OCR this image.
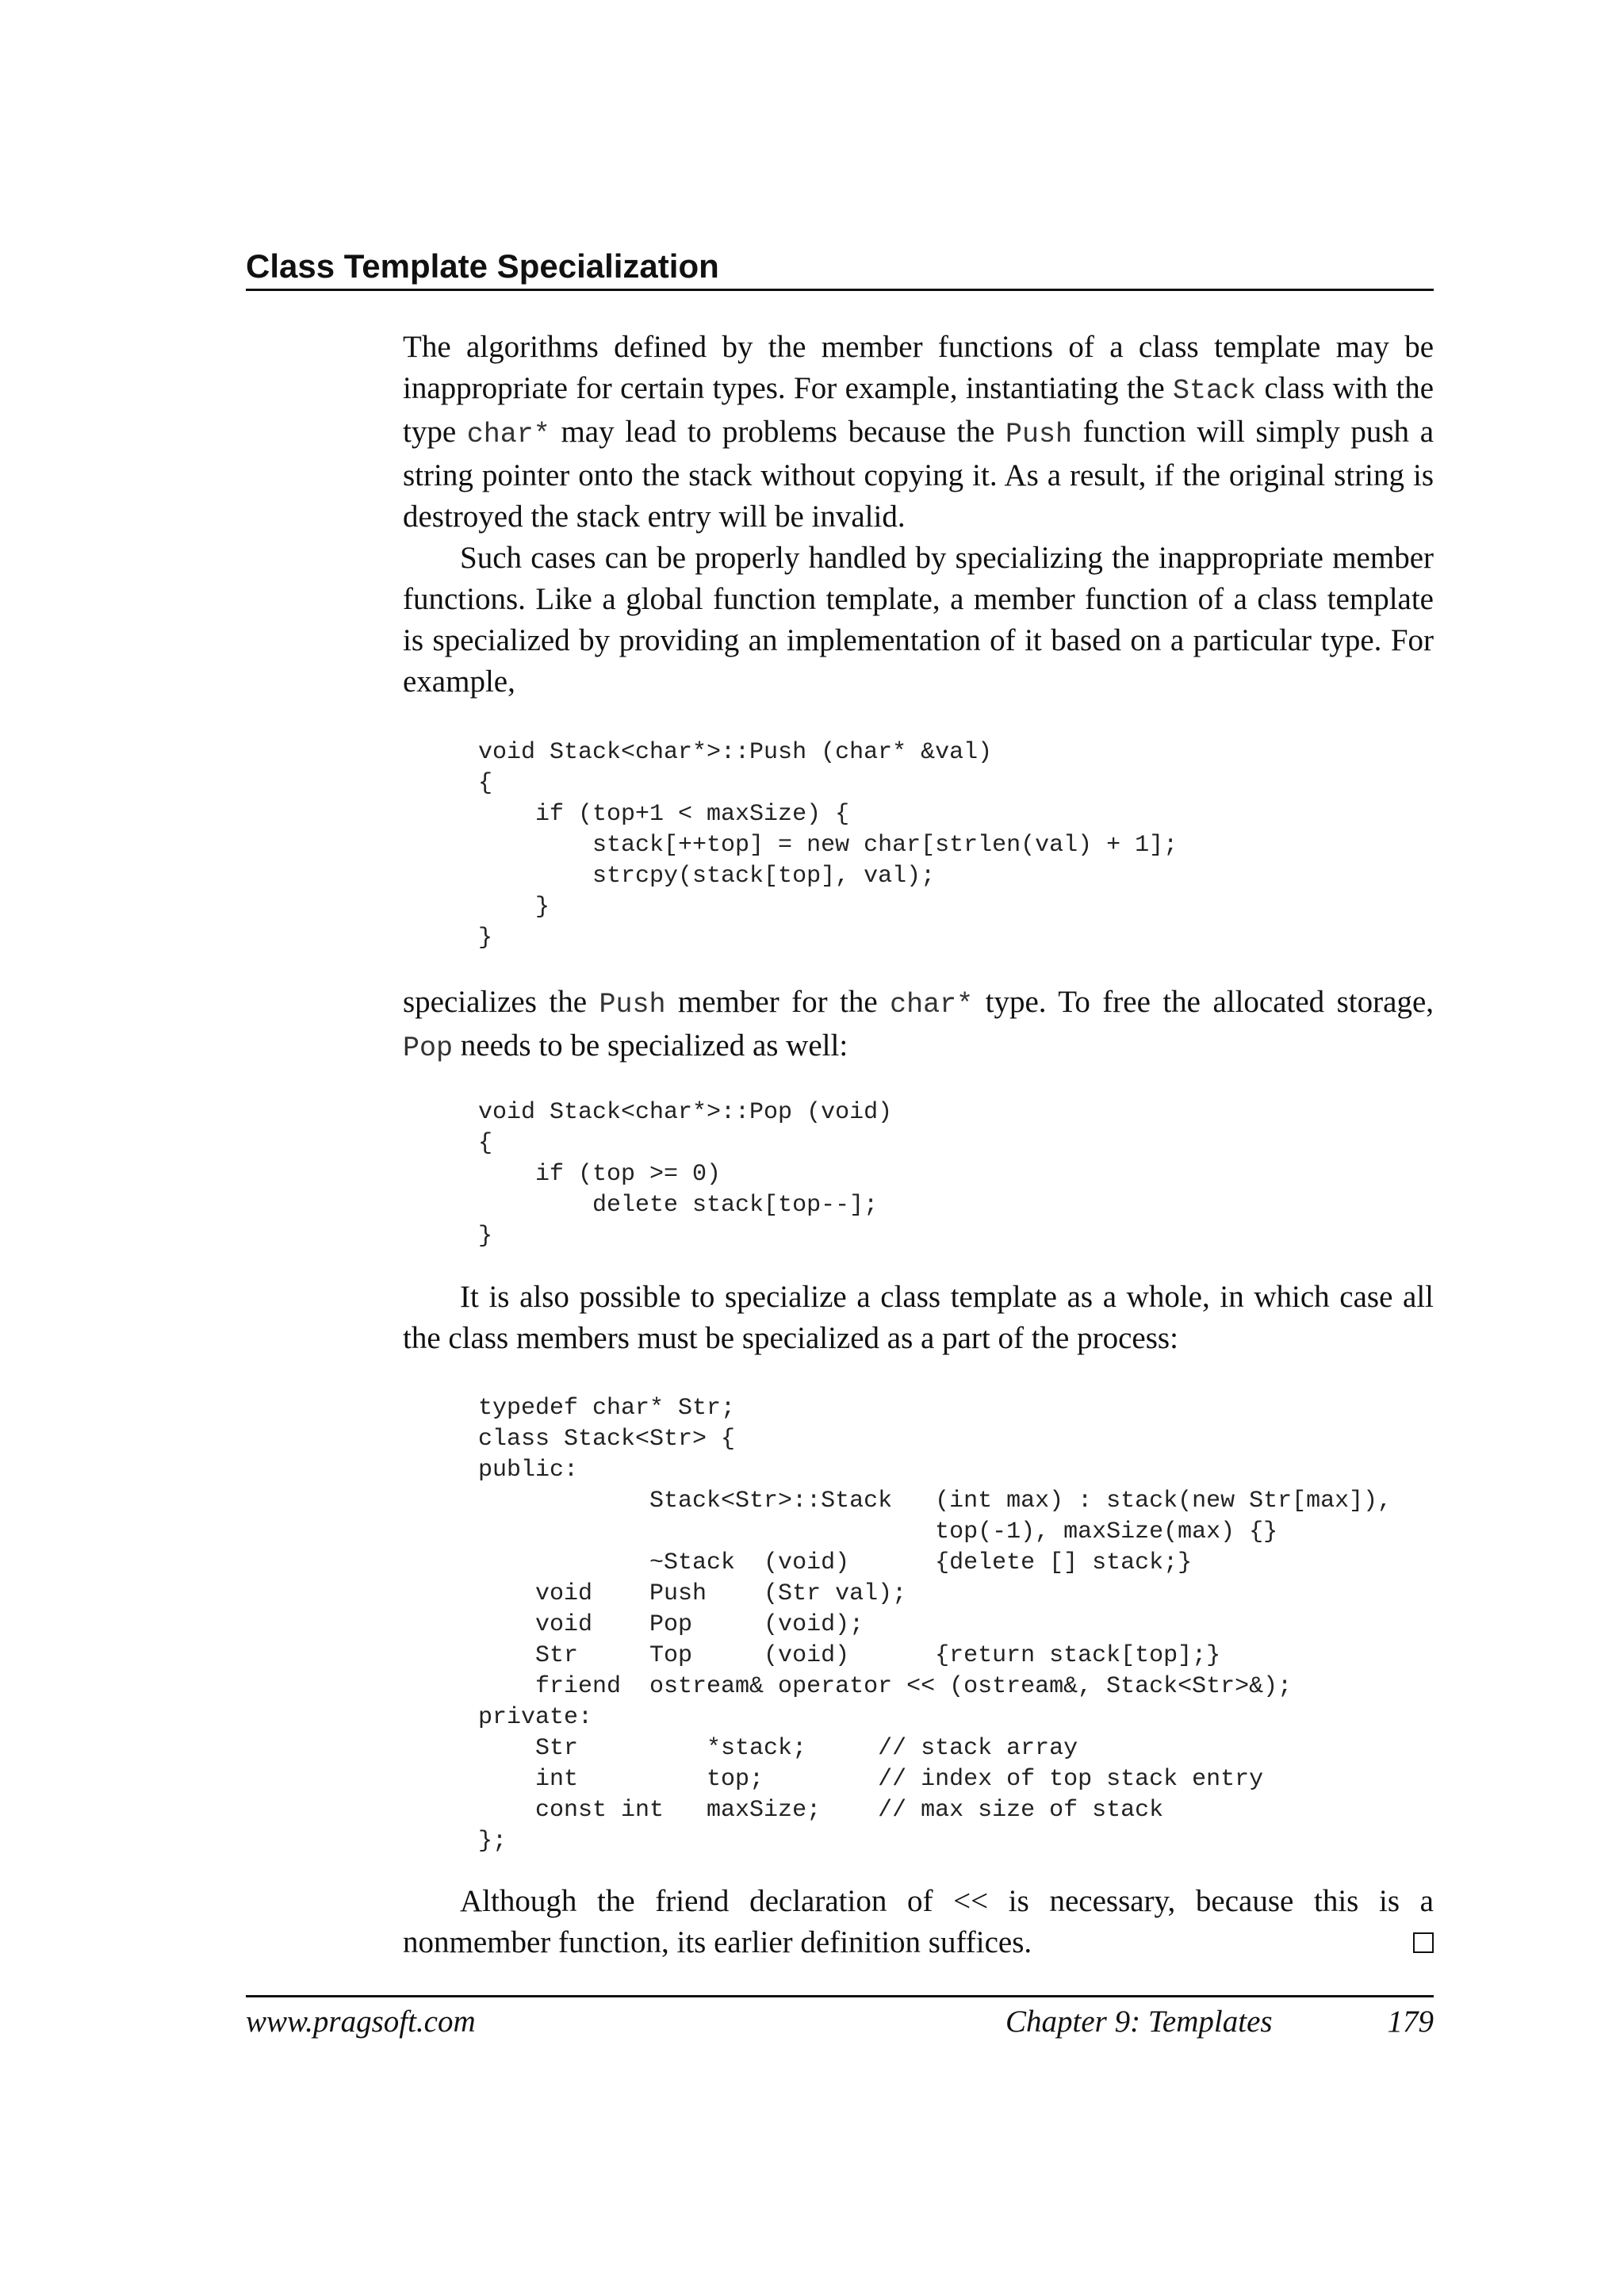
Class Template Specialization

The algorithms defined by the member functions of a class template may be inappropriate for certain types. For example, instantiating the Stack class with the type char* may lead to problems because the Push function will simply push a string pointer onto the stack without copying it. As a result, if the original string is destroyed the stack entry will be invalid.

Such cases can be properly handled by specializing the inappropriate member functions. Like a global function template, a member function of a class template is specialized by providing an implementation of it based on a particular type. For example,

void Stack<char*>::Push (char* &val)
{
if (top+1 < maxSize) {
stack[++top] = new char[strlen(val) + 1];
strcpy(stack[top], val);
}
}

specializes the Push member for the char* type. To free the allocated storage, Pop needs to be specialized as well:

void Stack<char*>::Pop (void)
{
if (top >= 0)
delete stack[top--];
}

It is also possible to specialize a class template as a whole, in which case all the class members must be specialized as a part of the process:

typedef char* Str;
class Stack<Str> {
public:
Stack<Str>::Stack   (int max) : stack(new Str[max]),
top(-1), maxSize(max) {}
~Stack  (void)      {delete [] stack;}
void    Push    (Str val);
void    Pop     (void);
Str     Top     (void)      {return stack[top];}
friend  ostream& operator << (ostream&, Stack<Str>&);
private:
Str         *stack;     // stack array
int         top;        // index of top stack entry
const int   maxSize;    // max size of stack
};

Although the friend declaration of << is necessary, because this is a

nonmember function, its earlier definition suffices.
www.pragsoft.com	Chapter 9: Templates	179
